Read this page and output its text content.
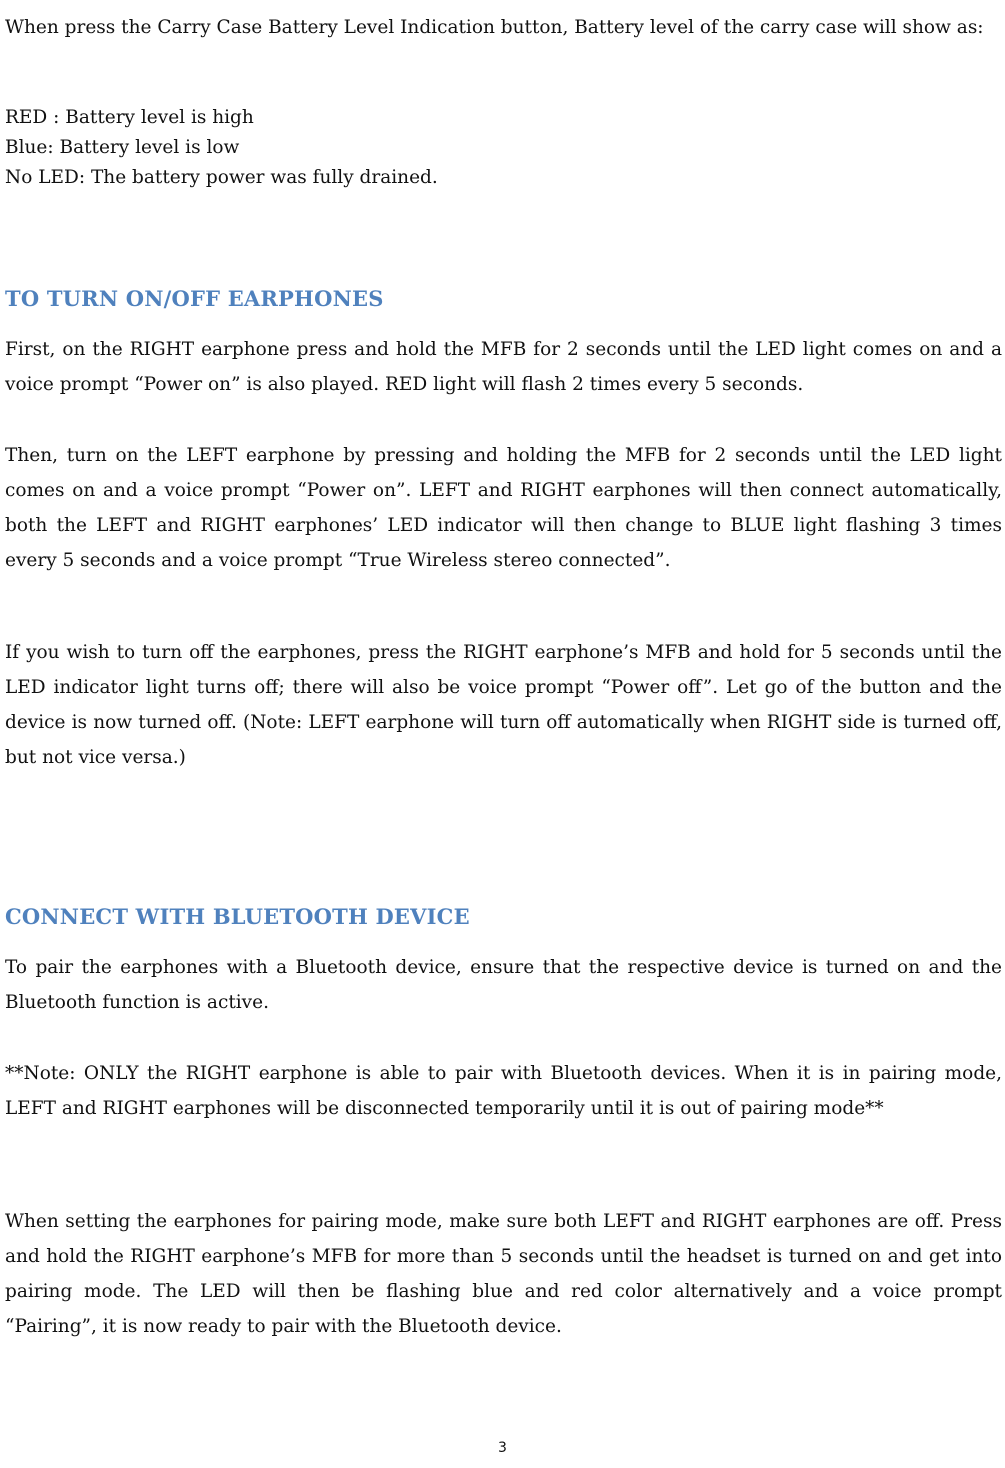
When press the Carry Case Battery Level Indication button, Battery level of the carry case will show as:

RED : Battery level is high
Blue: Battery level is low
No LED: The battery power was fully drained.
TO TURN ON/OFF EARPHONES

First, on the RIGHT earphone press and hold the MFB for 2 seconds until the LED light comes on and a voice prompt “Power on” is also played. RED light will flash 2 times every 5 seconds.

Then, turn on the LEFT earphone by pressing and holding the MFB for 2 seconds until the LED light comes on and a voice prompt “Power on”. LEFT and RIGHT earphones will then connect automatically, both the LEFT and RIGHT earphones’ LED indicator will then change to BLUE light flashing 3 times every 5 seconds and a voice prompt “True Wireless stereo connected”.

If you wish to turn off the earphones, press the RIGHT earphone’s MFB and hold for 5 seconds until the LED indicator light turns off; there will also be voice prompt “Power off”. Let go of the button and the device is now turned off. (Note: LEFT earphone will turn off automatically when RIGHT side is turned off, but not vice versa.)

CONNECT WITH BLUETOOTH DEVICE

To pair the earphones with a Bluetooth device, ensure that the respective device is turned on and the Bluetooth function is active.

**Note: ONLY the RIGHT earphone is able to pair with Bluetooth devices. When it is in pairing mode, LEFT and RIGHT earphones will be disconnected temporarily until it is out of pairing mode**

When setting the earphones for pairing mode, make sure both LEFT and RIGHT earphones are off. Press and hold the RIGHT earphone’s MFB for more than 5 seconds until the headset is turned on and get into pairing mode. The LED will then be flashing blue and red color alternatively and a voice prompt “Pairing”, it is now ready to pair with the Bluetooth device.

3
